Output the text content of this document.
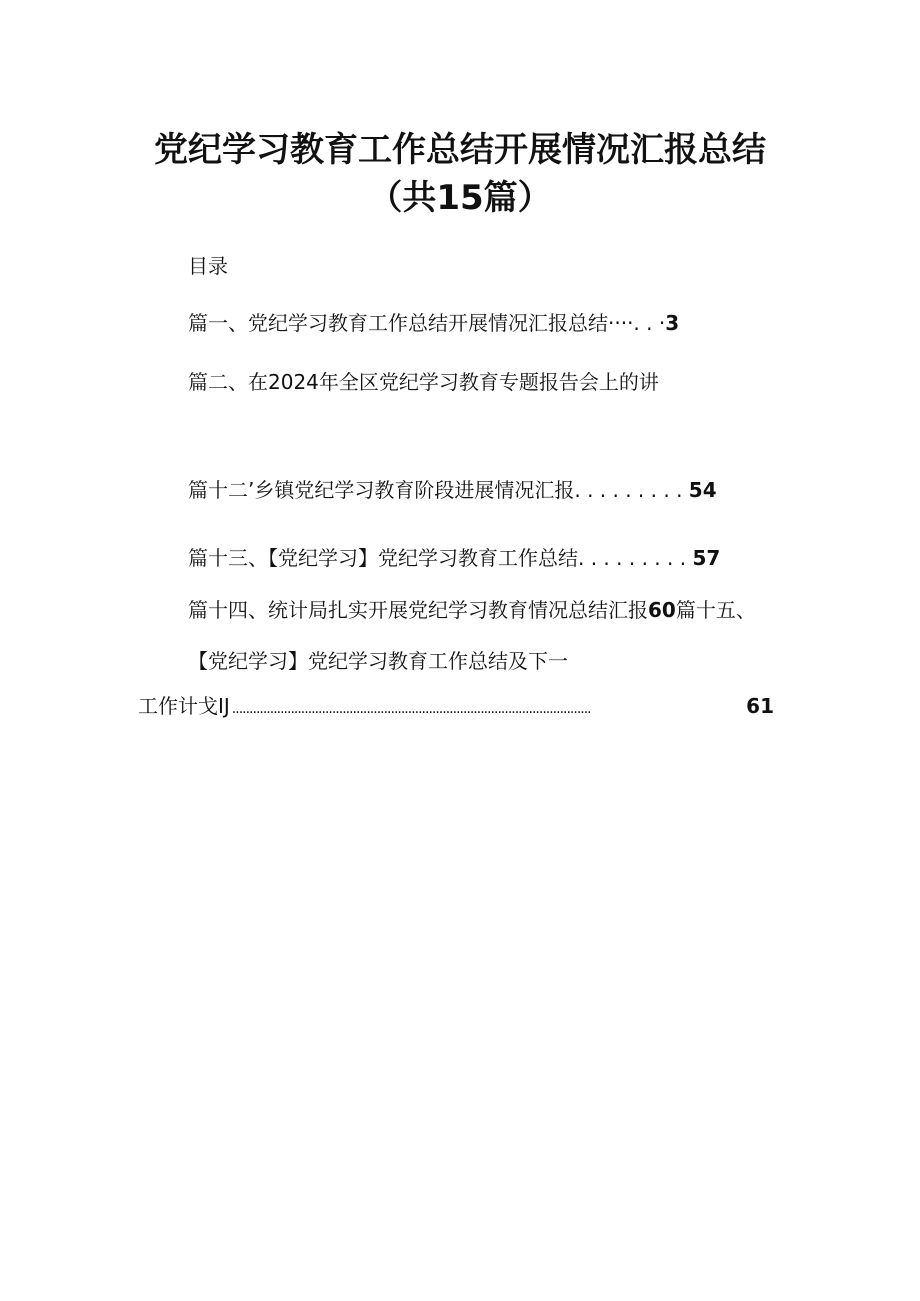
党纪学习教育工作总结开展情况汇报总结
（共15篇）
目录
篇一、党纪学习教育工作总结开展情况汇报总结····. . ·3
篇二、在2024年全区党纪学习教育专题报告会上的讲
篇十二’乡镇党纪学习教育阶段进展情况汇报. . . . . . . . . 54
篇十三、【党纪学习】党纪学习教育工作总结. . . . . . . . . 57
篇十四、统计局扎实开展党纪学习教育情况总结汇报60篇十五、
【党纪学习】党纪学习教育工作总结及下一
工作计戈IJ ........................................................................................................	61
